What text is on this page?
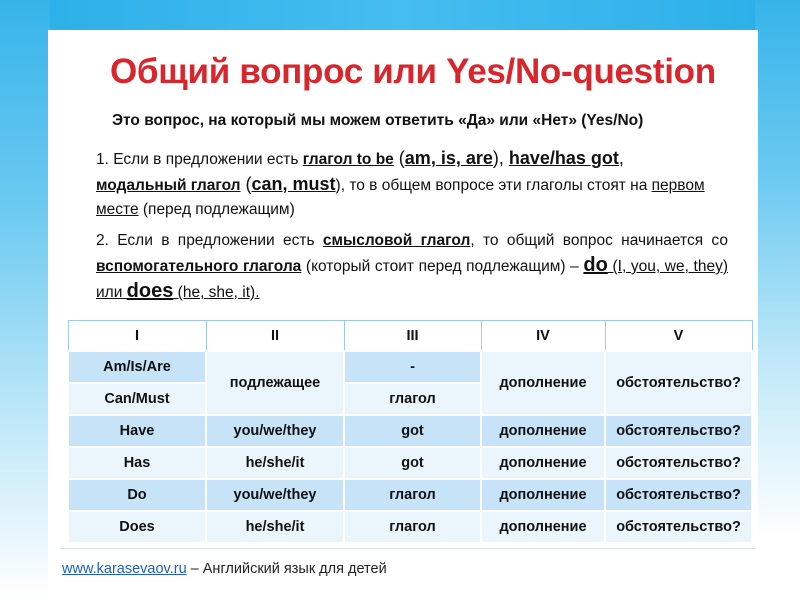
Общий вопрос или Yes/No-question
Это вопрос, на который мы можем ответить «Да» или «Нет» (Yes/No)
1. Если в предложении есть глагол to be (am, is, are), have/has got,
модальный глагол (can, must), то в общем вопросе эти глаголы стоят на первом месте (перед подлежащим)
2. Если в предложении есть смысловой глагол, то общий вопрос начинается со вспомогательного глагола (который стоит перед подлежащим) – do (I, you, we, they) или does (he, she, it).
I	II	III	IV	V
Am/Is/Are	подлежащее	-	дополнение	обстоятельство?
Can/Must		глагол		
Have	you/we/they	got	дополнение	обстоятельство?
Has	he/she/it	got	дополнение	обстоятельство?
Do	you/we/they	глагол	дополнение	обстоятельство?
Does	he/she/it	глагол	дополнение	обстоятельство?
www.karasevaov.ru – Английский язык для детей
